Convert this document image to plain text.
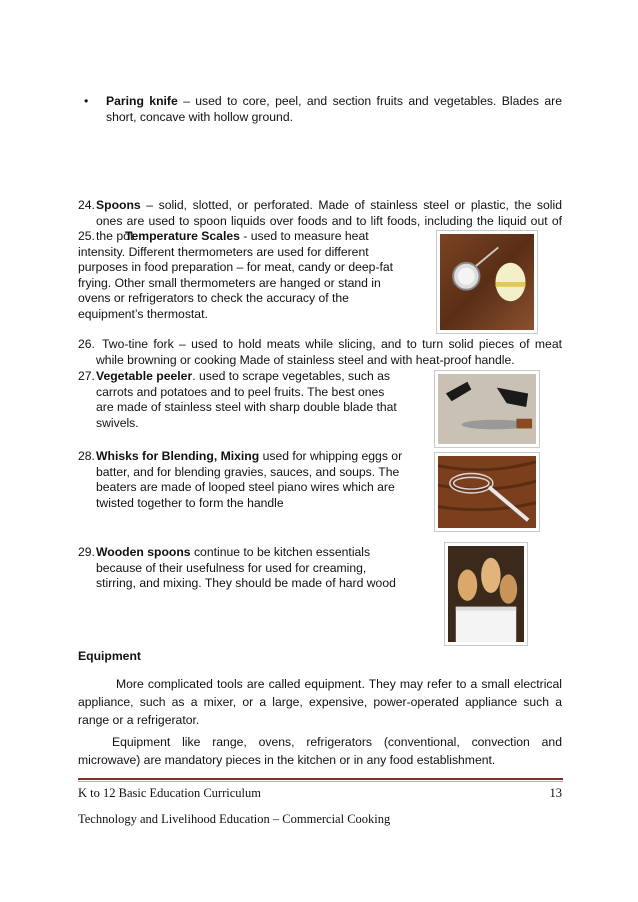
• Paring knife – used to core, peel, and section fruits and vegetables. Blades are short, concave with hollow ground.
24. Spoons – solid, slotted, or perforated. Made of stainless steel or plastic, the solid ones are used to spoon liquids over foods and to lift foods, including the liquid out of the pot
25. Temperature Scales - used to measure heat intensity. Different thermometers are used for different purposes in food preparation – for meat, candy or deep-fat frying. Other small thermometers are hanged or stand in ovens or refrigerators to check the accuracy of the equipment’s thermostat.
26. Two-tine fork – used to hold meats while slicing, and to turn solid pieces of meat while browning or cooking Made of stainless steel and with heat-proof handle.
27. Vegetable peeler. used to scrape vegetables, such as carrots and potatoes and to peel fruits. The best ones are made of stainless steel with sharp double blade that swivels.
28. Whisks for Blending, Mixing used for whipping eggs or batter, and for blending gravies, sauces, and soups. The beaters are made of looped steel piano wires which are twisted together to form the handle
29. Wooden spoons continue to be kitchen essentials because of their usefulness for used for creaming, stirring, and mixing. They should be made of hard wood
Equipment
More complicated tools are called equipment. They may refer to a small electrical appliance, such as a mixer, or a large, expensive, power-operated appliance such a range or a refrigerator.
Equipment like range, ovens, refrigerators (conventional, convection and microwave) are mandatory pieces in the kitchen or in any food establishment.
K to 12 Basic Education Curriculum	13
Technology and Livelihood Education – Commercial Cooking
